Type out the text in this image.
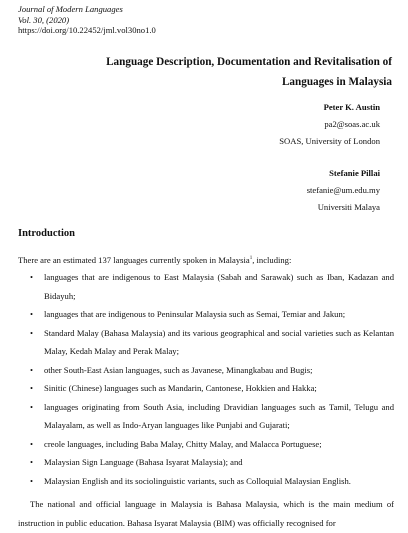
Journal of Modern Languages
Vol. 30, (2020)
https://doi.org/10.22452/jml.vol30no1.0
Language Description, Documentation and Revitalisation of
Languages in Malaysia
Peter K. Austin
pa2@soas.ac.uk
SOAS, University of London
Stefanie Pillai
stefanie@um.edu.my
Universiti Malaya
Introduction
There are an estimated 137 languages currently spoken in Malaysia$^1$, including:
• languages that are indigenous to East Malaysia (Sabah and Sarawak) such as Iban, Kadazan and Bidayuh;
• languages that are indigenous to Peninsular Malaysia such as Semai, Temiar and Jakun;
• Standard Malay (Bahasa Malaysia) and its various geographical and social varieties such as Kelantan Malay, Kedah Malay and Perak Malay;
• other South-East Asian languages, such as Javanese, Minangkabau and Bugis;
• Sinitic (Chinese) languages such as Mandarin, Cantonese, Hokkien and Hakka;
• languages originating from South Asia, including Dravidian languages such as Tamil, Telugu and Malayalam, as well as Indo-Aryan languages like Punjabi and Gujarati;
• creole languages, including Baba Malay, Chitty Malay, and Malacca Portuguese;
• Malaysian Sign Language (Bahasa Isyarat Malaysia); and
• Malaysian English and its sociolinguistic variants, such as Colloquial Malaysian English.

The national and official language in Malaysia is Bahasa Malaysia, which is the main medium of instruction in public education. Bahasa Isyarat Malaysia (BIM) was officially recognised for
